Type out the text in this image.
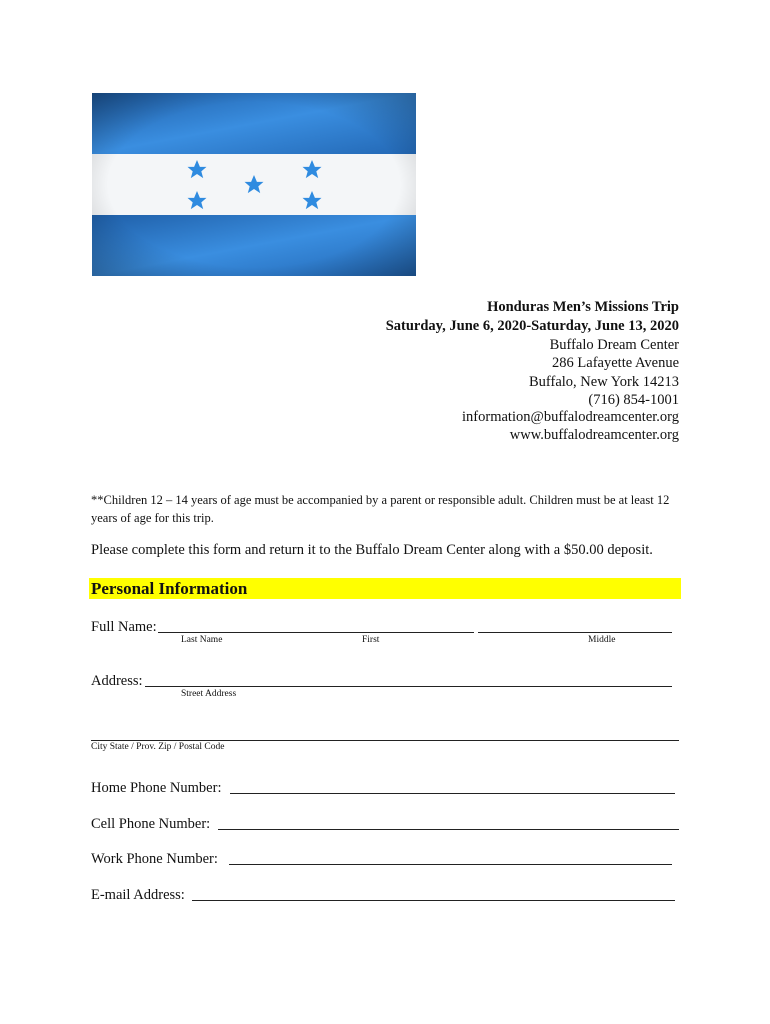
Honduras Men’s Missions Trip
Saturday, June 6, 2020-Saturday, June 13, 2020
Buffalo Dream Center
286 Lafayette Avenue
Buffalo, New York 14213
(716) 854-1001
information@buffalodreamcenter.org
www.buffalodreamcenter.org
**Children 12 – 14 years of age must be accompanied by a parent or responsible adult. Children must be at least 12 years of age for this trip.
Please complete this form and return it to the Buffalo Dream Center along with a $50.00 deposit.
Personal Information
Full Name:
Last Name	First	Middle
Address:
Street Address
City State / Prov. Zip / Postal Code
Home Phone Number:
Cell Phone Number:
Work Phone Number:
E-mail Address:
